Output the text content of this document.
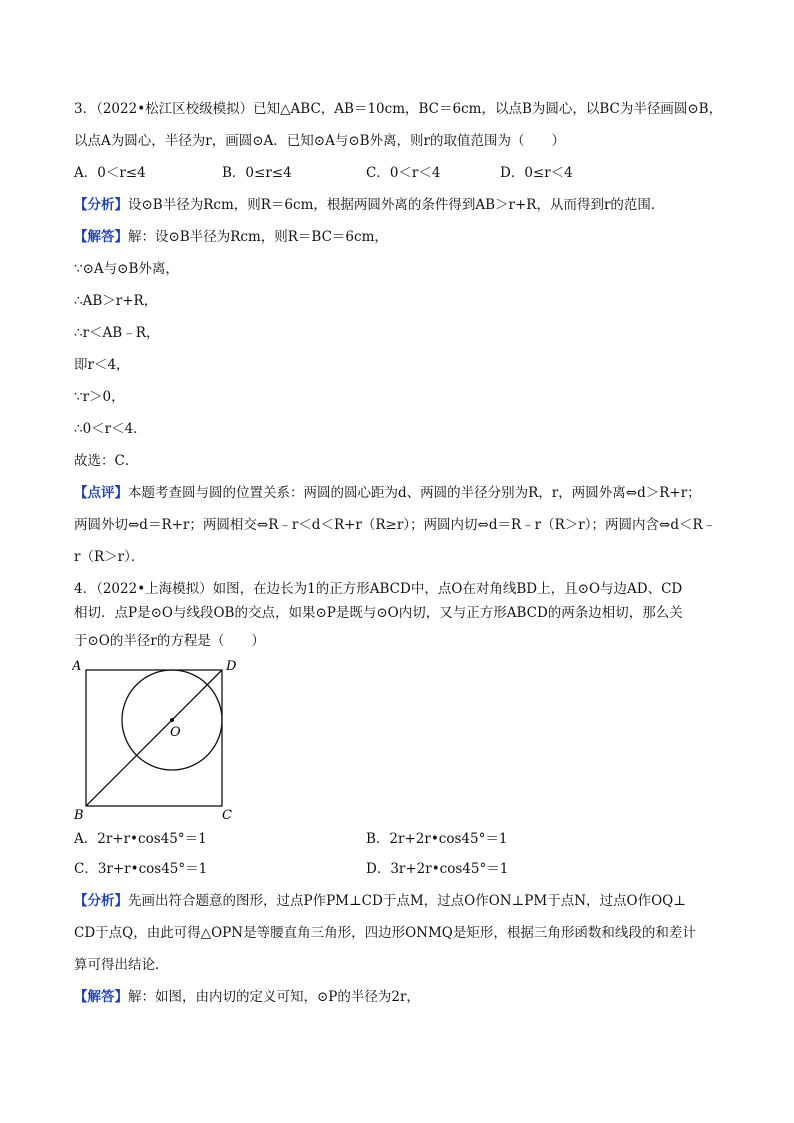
3．（2022•松江区校级模拟）已知△ABC，AB＝10cm，BC＝6cm，以点B为圆心，以BC为半径画圆⊙B，
以点A为圆心，半径为r，画圆⊙A．已知⊙A与⊙B外离，则r的取值范围为（　　）
A．0＜r≤4	B．0≤r≤4	C．0＜r＜4	D．0≤r＜4
【分析】设⊙B半径为Rcm，则R＝6cm，根据两圆外离的条件得到AB＞r+R，从而得到r的范围．
【解答】解：设⊙B半径为Rcm，则R＝BC＝6cm，
∵⊙A与⊙B外离，
∴AB＞r+R，
∴r＜AB﹣R，
即r＜4，
∵r＞0，
∴0＜r＜4．
故选：C．
【点评】本题考查圆与圆的位置关系：两圆的圆心距为d、两圆的半径分别为R，r，两圆外离⇔d＞R+r；
两圆外切⇔d＝R+r；两圆相交⇔R﹣r＜d＜R+r（R≥r）；两圆内切⇔d＝R﹣r（R＞r）；两圆内含⇔d＜R﹣
r（R＞r）．
4．（2022•上海模拟）如图，在边长为1的正方形ABCD中，点O在对角线BD上，且⊙O与边AD、CD
相切．点P是⊙O与线段OB的交点，如果⊙P是既与⊙O内切，又与正方形ABCD的两条边相切，那么关
于⊙O的半径r的方程是（　　）
A	D
B	C
O
A．2r+r•cos45°＝1	B．2r+2r•cos45°＝1
C．3r+r•cos45°＝1	D．3r+2r•cos45°＝1
【分析】先画出符合题意的图形，过点P作PM⊥CD于点M，过点O作ON⊥PM于点N，过点O作OQ⊥
CD于点Q，由此可得△OPN是等腰直角三角形，四边形ONMQ是矩形，根据三角形函数和线段的和差计
算可得出结论．
【解答】解：如图，由内切的定义可知，⊙P的半径为2r，
